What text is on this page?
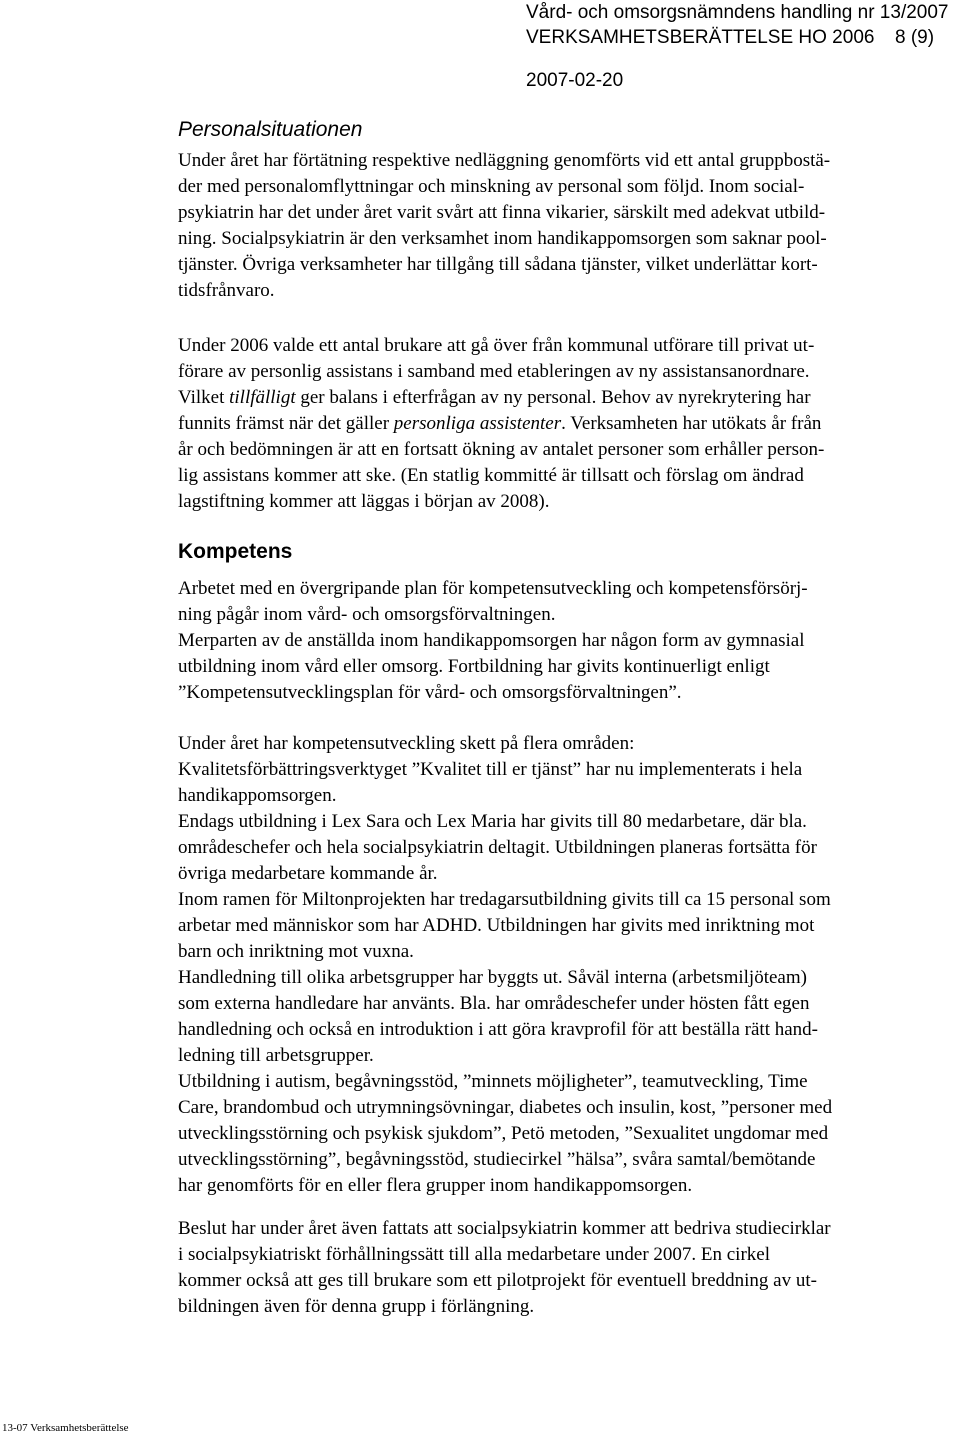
Vård- och omsorgsnämndens handling nr 13/2007
VERKSAMHETSBERÄTTELSE HO 2006 8 (9)
2007-02-20
Personalsituationen
Under året har förtätning respektive nedläggning genomförts vid ett antal gruppbostä-
der med personalomflyttningar och minskning av personal som följd. Inom social-
psykiatrin har det under året varit svårt att finna vikarier, särskilt med adekvat utbild-
ning. Socialpsykiatrin är den verksamhet inom handikappomsorgen som saknar pool-
tjänster. Övriga verksamheter har tillgång till sådana tjänster, vilket underlättar kort-
tidsfrånvaro.
Under 2006 valde ett antal brukare att gå över från kommunal utförare till privat ut-
förare av personlig assistans i samband med etableringen av ny assistansanordnare.
Vilket tillfälligt ger balans i efterfrågan av ny personal. Behov av nyrekrytering har
funnits främst när det gäller personliga assistenter. Verksamheten har utökats år från
år och bedömningen är att en fortsatt ökning av antalet personer som erhåller person-
lig assistans kommer att ske. (En statlig kommitté är tillsatt och förslag om ändrad
lagstiftning kommer att läggas i början av 2008).
Kompetens
Arbetet med en övergripande plan för kompetensutveckling och kompetensförsörj-
ning pågår inom vård- och omsorgsförvaltningen.
Merparten av de anställda inom handikappomsorgen har någon form av gymnasial
utbildning inom vård eller omsorg. Fortbildning har givits kontinuerligt enligt
”Kompetensutvecklingsplan för vård- och omsorgsförvaltningen”.
Under året har kompetensutveckling skett på flera områden:
Kvalitetsförbättringsverktyget ”Kvalitet till er tjänst” har nu implementerats i hela
handikappomsorgen.
Endags utbildning i Lex Sara och Lex Maria har givits till 80 medarbetare, där bla.
områdeschefer och hela socialpsykiatrin deltagit. Utbildningen planeras fortsätta för
övriga medarbetare kommande år.
Inom ramen för Miltonprojekten har tredagarsutbildning givits till ca 15 personal som
arbetar med människor som har ADHD. Utbildningen har givits med inriktning mot
barn och inriktning mot vuxna.
Handledning till olika arbetsgrupper har byggts ut. Såväl interna (arbetsmiljöteam)
som externa handledare har använts. Bla. har områdeschefer under hösten fått egen
handledning och också en introduktion i att göra kravprofil för att beställa rätt hand-
ledning till arbetsgrupper.
Utbildning i autism, begåvningsstöd, ”minnets möjligheter”, teamutveckling, Time
Care, brandombud och utrymningsövningar, diabetes och insulin, kost, ”personer med
utvecklingsstörning och psykisk sjukdom”, Petö metoden, ”Sexualitet ungdomar med
utvecklingsstörning”, begåvningsstöd, studiecirkel ”hälsa”, svåra samtal/bemötande
har genomförts för en eller flera grupper inom handikappomsorgen.
Beslut har under året även fattats att socialpsykiatrin kommer att bedriva studiecirklar
i socialpsykiatriskt förhållningssätt till alla medarbetare under 2007. En cirkel
kommer också att ges till brukare som ett pilotprojekt för eventuell breddning av ut-
bildningen även för denna grupp i förlängning.
13-07 Verksamhetsberättelse
